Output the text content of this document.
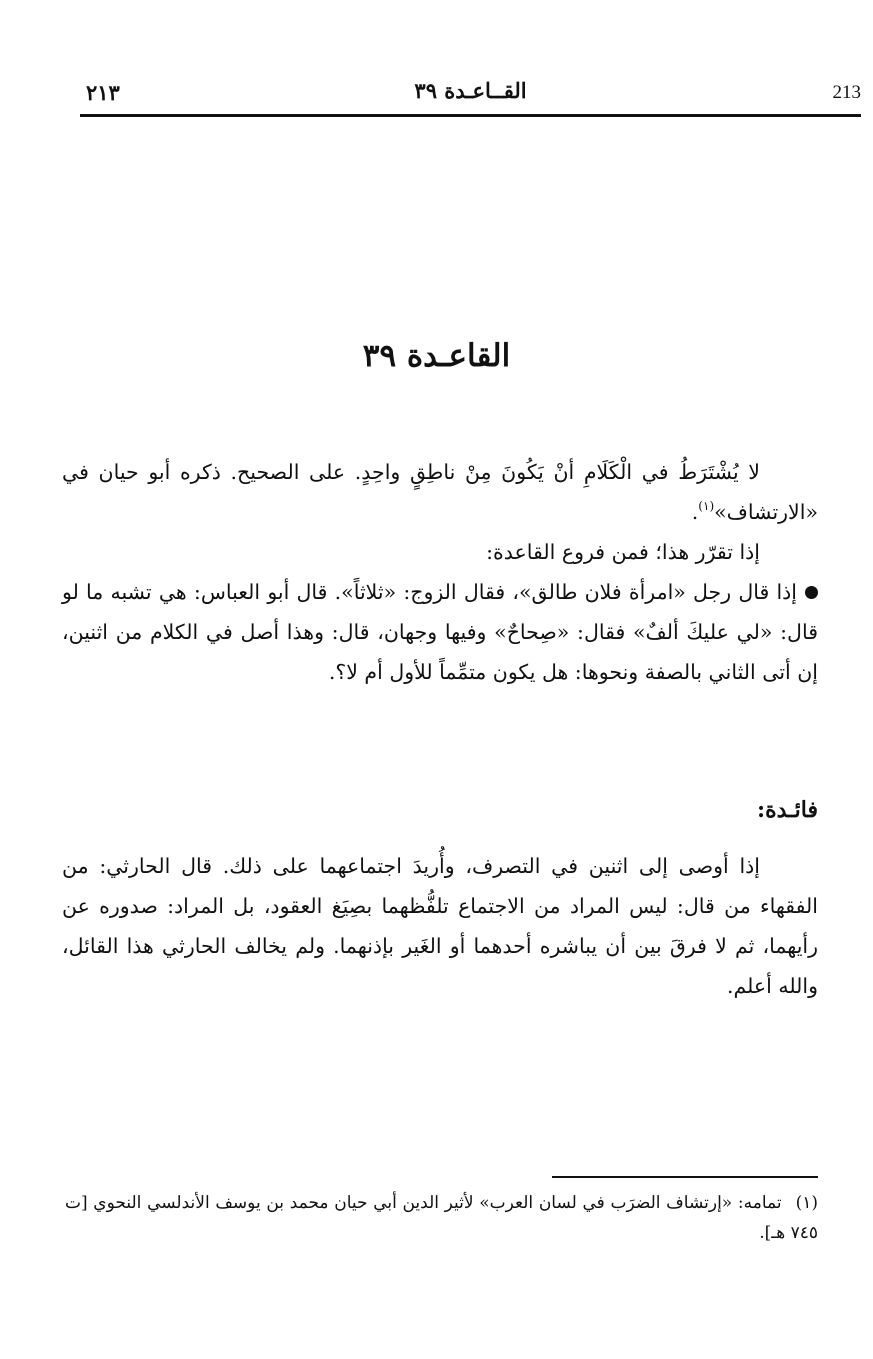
٢١٣	القــاعـدة ٣٩	213
القاعـدة ٣٩

لا يُشْتَرَطُ في الْكَلَامِ أنْ يَكُونَ مِنْ ناطِقٍ واحِدٍ. على الصحيح. ذكره أبو حيان في «الارتشاف»$^{(١)}$.

إذا تقرّر هذا؛ فمن فروع القاعدة:

إذا قال رجل «امرأة فلان طالق»، فقال الزوج: «ثلاثاً». قال أبو العباس: هي تشبه ما لو قال: «لي عليكَ ألفٌ» فقال: «صِحاحٌ» وفيها وجهان، قال: وهذا أصل في الكلام من اثنين، إن أتى الثاني بالصفة ونحوها: هل يكون متمِّماً للأول أم لا؟.

فائـدة:

إذا أوصى إلى اثنين في التصرف، وأُريدَ اجتماعهما على ذلك. قال الحارثي: من الفقهاء من قال: ليس المراد من الاجتماع تلفُّظهما بصِيَغ العقود، بل المراد: صدوره عن رأيهما، ثم لا فرقَ بين أن يباشره أحدهما أو الغَير بإذنهما. ولم يخالف الحارثي هذا القائل، والله أعلم.

(١)تمامه: «إرتشاف الضرَب في لسان العرب» لأثير الدين أبي حيان محمد بن يوسف الأندلسي النحوي [ت ٧٤٥ هـ].
